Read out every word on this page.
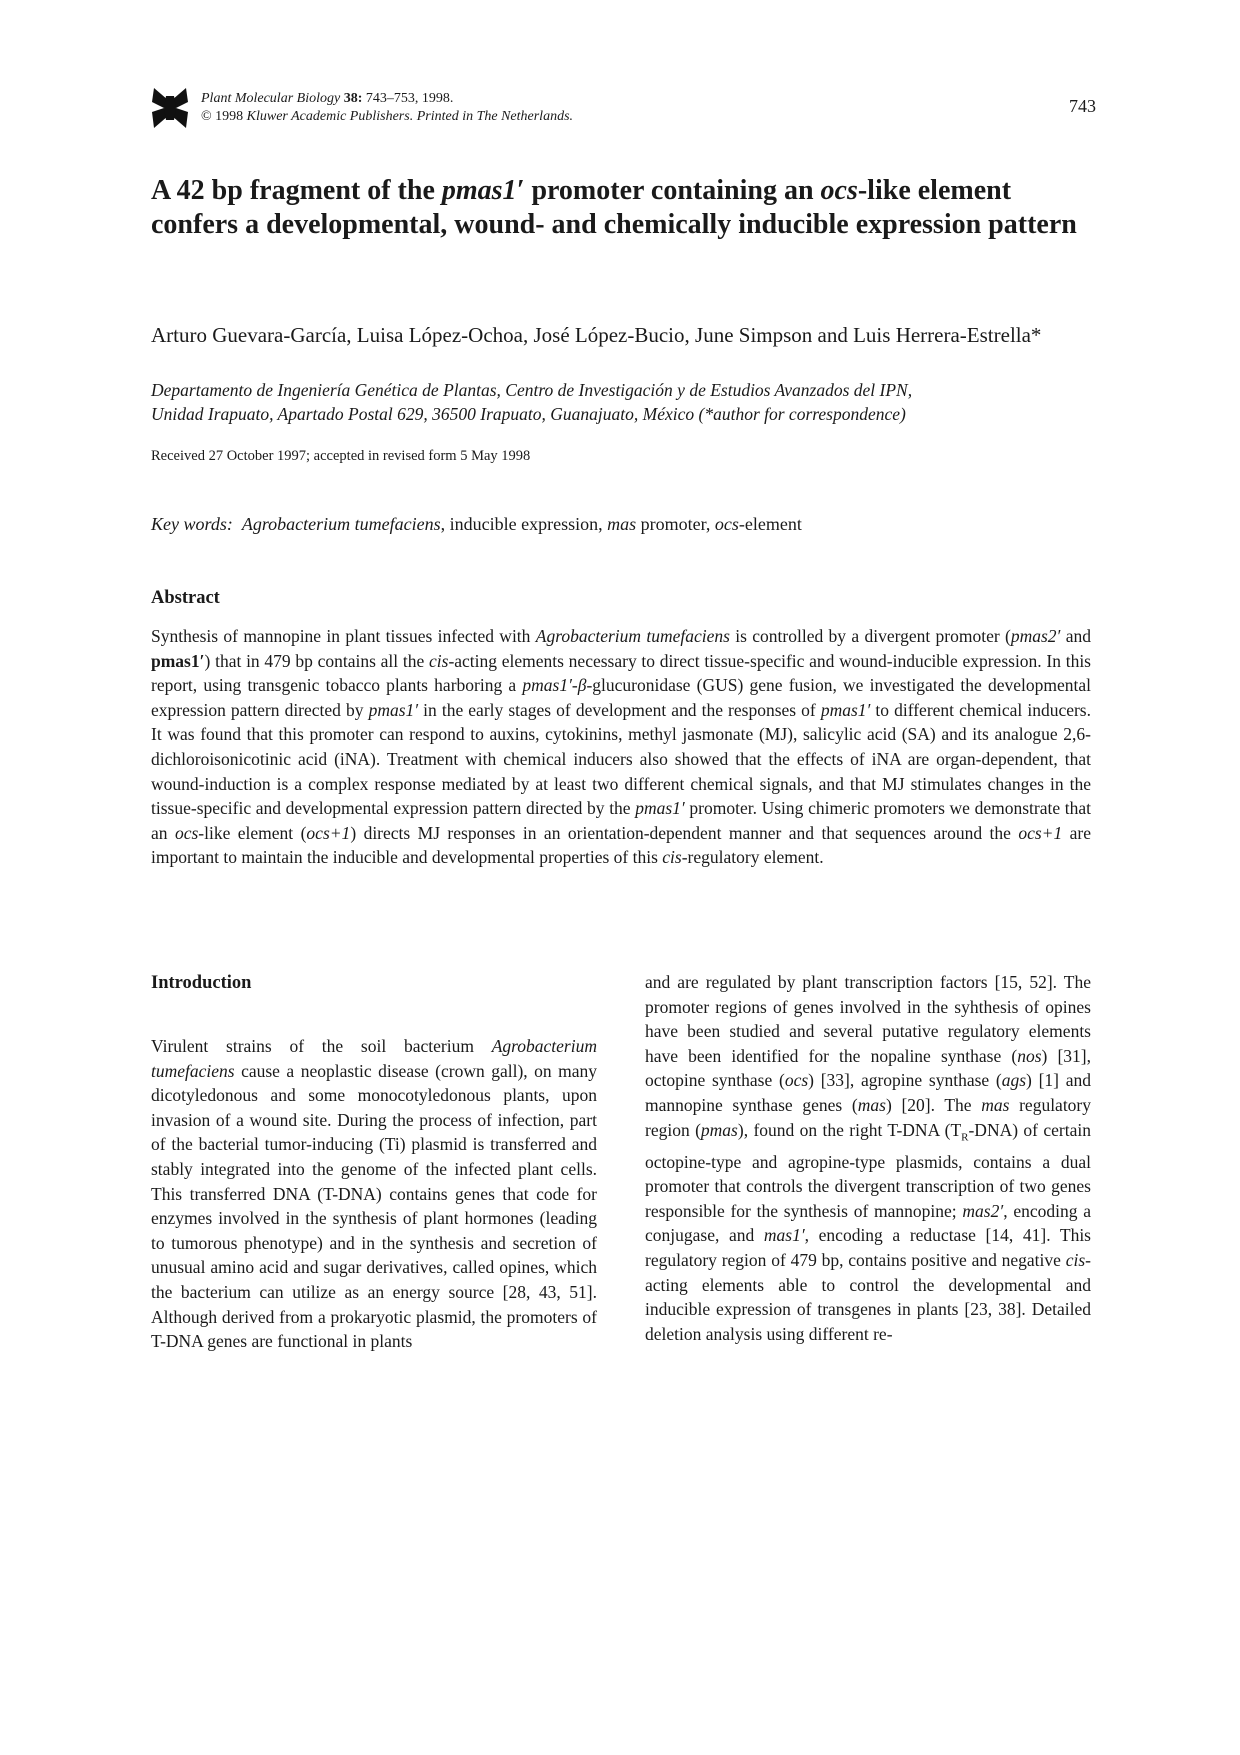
Plant Molecular Biology 38: 743–753, 1998.
© 1998 Kluwer Academic Publishers. Printed in The Netherlands.
743
A 42 bp fragment of the pmas1′ promoter containing an ocs-like element confers a developmental, wound- and chemically inducible expression pattern
Arturo Guevara-García, Luisa López-Ochoa, José López-Bucio, June Simpson and Luis Herrera-Estrella*
Departamento de Ingeniería Genética de Plantas, Centro de Investigación y de Estudios Avanzados del IPN,
Unidad Irapuato, Apartado Postal 629, 36500 Irapuato, Guanajuato, México (*author for correspondence)
Received 27 October 1997; accepted in revised form 5 May 1998
Key words: Agrobacterium tumefaciens, inducible expression, mas promoter, ocs-element
Abstract
Synthesis of mannopine in plant tissues infected with Agrobacterium tumefaciens is controlled by a divergent promoter (pmas2′ and pmas1′) that in 479 bp contains all the cis-acting elements necessary to direct tissue-specific and wound-inducible expression. In this report, using transgenic tobacco plants harboring a pmas1′-β-glucuronidase (GUS) gene fusion, we investigated the developmental expression pattern directed by pmas1′ in the early stages of development and the responses of pmas1′ to different chemical inducers. It was found that this promoter can respond to auxins, cytokinins, methyl jasmonate (MJ), salicylic acid (SA) and its analogue 2,6-dichloroisonicotinic acid (iNA). Treatment with chemical inducers also showed that the effects of iNA are organ-dependent, that wound-induction is a complex response mediated by at least two different chemical signals, and that MJ stimulates changes in the tissue-specific and developmental expression pattern directed by the pmas1′ promoter. Using chimeric promoters we demonstrate that an ocs-like element (ocs+1) directs MJ responses in an orientation-dependent manner and that sequences around the ocs+1 are important to maintain the inducible and developmental properties of this cis-regulatory element.
Introduction
Virulent strains of the soil bacterium Agrobacterium tumefaciens cause a neoplastic disease (crown gall), on many dicotyledonous and some monocotyledonous plants, upon invasion of a wound site. During the process of infection, part of the bacterial tumor-inducing (Ti) plasmid is transferred and stably integrated into the genome of the infected plant cells. This transferred DNA (T-DNA) contains genes that code for enzymes involved in the synthesis of plant hormones (leading to tumorous phenotype) and in the synthesis and secretion of unusual amino acid and sugar derivatives, called opines, which the bacterium can utilize as an energy source [28, 43, 51]. Although derived from a prokaryotic plasmid, the promoters of T-DNA genes are functional in plants
and are regulated by plant transcription factors [15, 52]. The promoter regions of genes involved in the syhthesis of opines have been studied and several putative regulatory elements have been identified for the nopaline synthase (nos) [31], octopine synthase (ocs) [33], agropine synthase (ags) [1] and mannopine synthase genes (mas) [20]. The mas regulatory region (pmas), found on the right T-DNA $(T_R-DNA)$ of certain octopine-type and agropine-type plasmids, contains a dual promoter that controls the divergent transcription of two genes responsible for the synthesis of mannopine; mas2′, encoding a conjugase, and mas1′, encoding a reductase [14, 41]. This regulatory region of 479 bp, contains positive and negative cis-acting elements able to control the developmental and inducible expression of transgenes in plants [23, 38]. Detailed deletion analysis using different re-
